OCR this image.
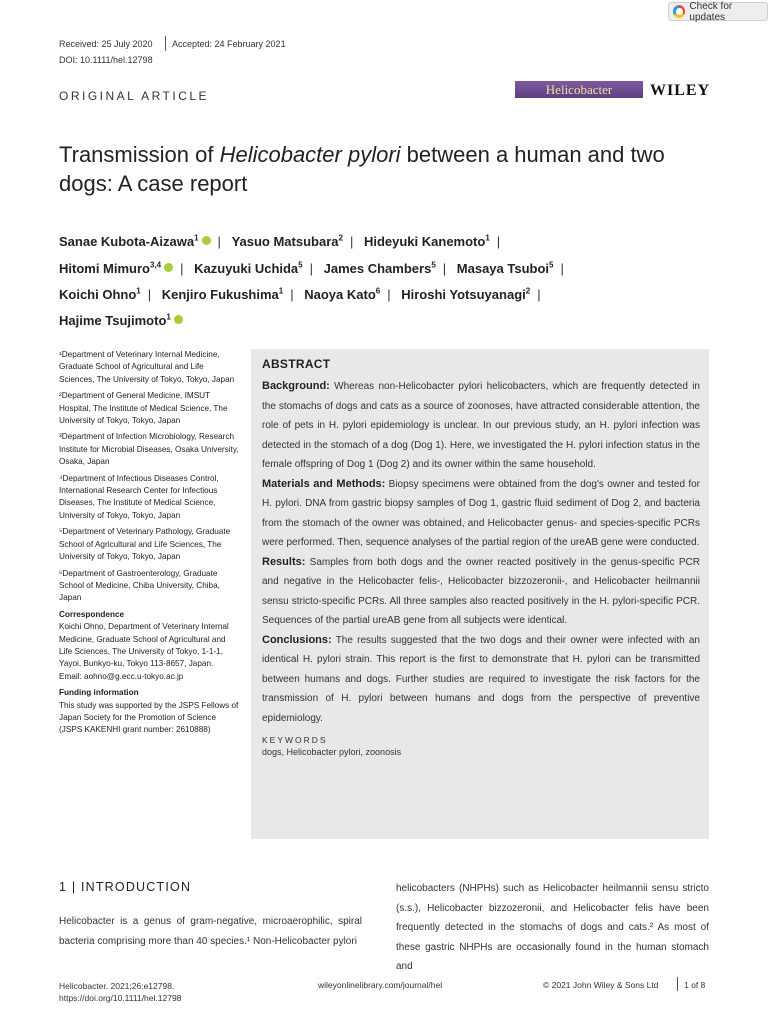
Check for updates
Received: 25 July 2020 Accepted: 24 February 2021
DOI: 10.1111/hel.12798
ORIGINAL ARTICLE	Helicobacter	WILEY
Transmission of Helicobacter pylori between a human and two dogs: A case report
Sanae Kubota-Aizawa$^1$ | Yasuo Matsubara$^2$ | Hideyuki Kanemoto$^1$ |
Hitomi Mimuro$^{3,4}$ | Kazuyuki Uchida$^5$ | James Chambers$^5$ | Masaya Tsuboi$^5$ |
Koichi Ohno$^1$ | Kenjiro Fukushima$^1$ | Naoya Kato$^6$ | Hiroshi Yotsuyanagi$^2$ |
Hajime Tsujimoto$^1$

¹Department of Veterinary Internal Medicine, Graduate School of Agricultural and Life Sciences, The University of Tokyo, Tokyo, Japan

²Department of General Medicine, IMSUT Hospital, The Institute of Medical Science, The University of Tokyo, Tokyo, Japan

³Department of Infection Microbiology, Research Institute for Microbial Diseases, Osaka University, Osaka, Japan

⁴Department of Infectious Diseases Control, International Research Center for Infectious Diseases, The Institute of Medical Science, University of Tokyo, Tokyo, Japan

⁵Department of Veterinary Pathology, Graduate School of Agricultural and Life Sciences, The University of Tokyo, Tokyo, Japan

⁶Department of Gastroenterology, Graduate School of Medicine, Chiba University, Chiba, Japan

Correspondence

Koichi Ohno, Department of Veterinary Internal Medicine, Graduate School of Agricultural and Life Sciences, The University of Tokyo, 1-1-1, Yayoi, Bunkyo-ku, Tokyo 113-8657, Japan.

Email: aohno@g.ecc.u-tokyo.ac.jp

Funding information

This study was supported by the JSPS Fellows of Japan Society for the Promotion of Science (JSPS KAKENHI grant number: 2610888)

ABSTRACT

Background: Whereas non-Helicobacter pylori helicobacters, which are frequently detected in the stomachs of dogs and cats as a source of zoonoses, have attracted considerable attention, the role of pets in H. pylori epidemiology is unclear. In our previous study, an H. pylori infection was detected in the stomach of a dog (Dog 1). Here, we investigated the H. pylori infection status in the female offspring of Dog 1 (Dog 2) and its owner within the same household.

Materials and Methods: Biopsy specimens were obtained from the dog's owner and tested for H. pylori. DNA from gastric biopsy samples of Dog 1, gastric fluid sediment of Dog 2, and bacteria from the stomach of the owner was obtained, and Helicobacter genus- and species-specific PCRs were performed. Then, sequence analyses of the partial region of the ureAB gene were conducted.

Results: Samples from both dogs and the owner reacted positively in the genus-specific PCR and negative in the Helicobacter felis-, Helicobacter bizzozeronii-, and Helicobacter heilmannii sensu stricto-specific PCRs. All three samples also reacted positively in the H. pylori-specific PCR. Sequences of the partial ureAB gene from all subjects were identical.

Conclusions: The results suggested that the two dogs and their owner were infected with an identical H. pylori strain. This report is the first to demonstrate that H. pylori can be transmitted between humans and dogs. Further studies are required to investigate the risk factors for the transmission of H. pylori between humans and dogs from the perspective of preventive epidemiology.

KEYWORDS
dogs, Helicobacter pylori, zoonosis
1 | INTRODUCTION
Helicobacter is a genus of gram-negative, microaerophilic, spiral bacteria comprising more than 40 species.¹ Non-Helicobacter pylori
helicobacters (NHPHs) such as Helicobacter heilmannii sensu stricto (s.s.), Helicobacter bizzozeronii, and Helicobacter felis have been frequently detected in the stomachs of dogs and cats.² As most of these gastric NHPHs are occasionally found in the human stomach and
Helicobacter. 2021;26:e12798.
https://doi.org/10.1111/hel.12798
wileyonlinelibrary.com/journal/hel	© 2021 John Wiley & Sons Ltd	1 of 8
